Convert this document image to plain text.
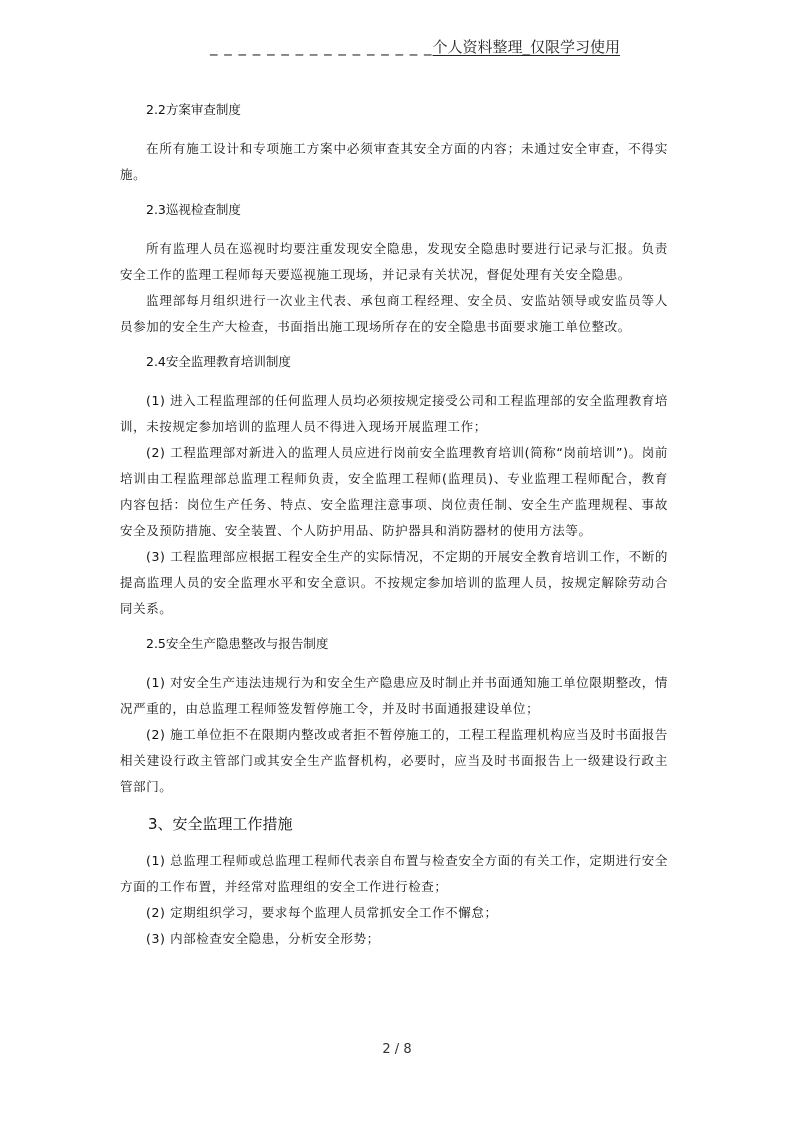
_ _ _ _ _ _ _ _ _ _ _ _ _ _ _ _个人资料整理_仅限学习使用
2.2方案审查制度

在所有施工设计和专项施工方案中必须审查其安全方面的内容；未通过安全审查，不得实施。

2.3巡视检查制度

所有监理人员在巡视时均要注重发现安全隐患，发现安全隐患时要进行记录与汇报。负责安全工作的监理工程师每天要巡视施工现场，并记录有关状况，督促处理有关安全隐患。

监理部每月组织进行一次业主代表、承包商工程经理、安全员、安监站领导或安监员等人员参加的安全生产大检查，书面指出施工现场所存在的安全隐患书面要求施工单位整改。

2.4安全监理教育培训制度

(1) 进入工程监理部的任何监理人员均必须按规定接受公司和工程监理部的安全监理教育培训，未按规定参加培训的监理人员不得进入现场开展监理工作；

(2) 工程监理部对新进入的监理人员应进行岗前安全监理教育培训(简称“岗前培训”)。岗前培训由工程监理部总监理工程师负责，安全监理工程师(监理员)、专业监理工程师配合，教育内容包括：岗位生产任务、特点、安全监理注意事项、岗位责任制、安全生产监理规程、事故安全及预防措施、安全装置、个人防护用品、防护器具和消防器材的使用方法等。

(3) 工程监理部应根据工程安全生产的实际情况，不定期的开展安全教育培训工作，不断的提高监理人员的安全监理水平和安全意识。不按规定参加培训的监理人员，按规定解除劳动合同关系。

2.5安全生产隐患整改与报告制度

(1) 对安全生产违法违规行为和安全生产隐患应及时制止并书面通知施工单位限期整改，情况严重的，由总监理工程师签发暂停施工令，并及时书面通报建设单位；

(2) 施工单位拒不在限期内整改或者拒不暂停施工的，工程工程监理机构应当及时书面报告相关建设行政主管部门或其安全生产监督机构，必要时，应当及时书面报告上一级建设行政主管部门。

3、安全监理工作措施

(1) 总监理工程师或总监理工程师代表亲自布置与检查安全方面的有关工作，定期进行安全方面的工作布置，并经常对监理组的安全工作进行检查；

(2) 定期组织学习，要求每个监理人员常抓安全工作不懈怠；

(3) 内部检查安全隐患，分析安全形势；

2 / 8
